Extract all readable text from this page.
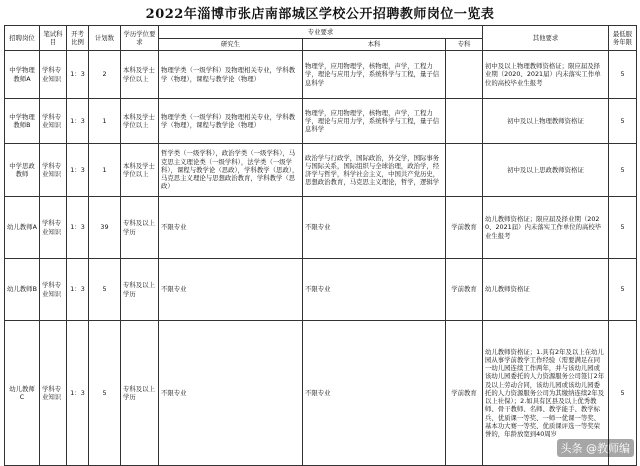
2022年淄博市张店南部城区学校公开招聘教师岗位一览表
招聘岗位	笔试科目	开考比例	计划数	学历学位要求	专业要求			其他要求	最低服务年限
					研究生	本科	专科		
中学物理教师A	学科专业知识	1：3	2	本科及学士学位以上	物理学类（一级学科）及物理相关专业，学科教学（物理），课程与教学论（物理）	物理学，应用物理学，核物理，声学，工程力学，理论与应用力学，系统科学与工程，量子信息科学		初中及以上物理教师资格证；限应届及择业期（2020、2021届）内未落实工作单位的高校毕业生报考	5
中学物理教师B	学科专业知识	1：3	1	本科及学士学位以上	物理学类（一级学科）及物理相关专业，学科教学（物理），课程与教学论（物理）	物理学，应用物理学，核物理，声学，工程力学，理论与应用力学，系统科学与工程，量子信息科学		初中及以上物理教师资格证	5
中学思政教师	学科专业知识	1：3	1	本科及学士学位以上	哲学类（一级学科），政治学类（一级学科），马克思主义理论类（一级学科），法学类（一级学科），课程与教学论（思政），学科教学（思政），马克思主义理论与思想政治教育，学科教学（思政）	政治学与行政学，国际政治，外交学，国际事务与国际关系，国际组织与全球治理，政治学，经济学与哲学，科学社会主义，中国共产党历史，思想政治教育，马克思主义理论，哲学，逻辑学		初中及以上思政教师资格证	5
幼儿教师A	学科专业知识	1：3	39	专科及以上学历	不限专业	不限专业	学前教育	幼儿教师资格证；限应届及择业期（2020、2021届）内未落实工作单位的高校毕业生报考	5
幼儿教师B	学科专业知识	1：3	5	专科及以上学历	不限专业	不限专业	学前教育	幼儿教师资格证	5
幼儿教师C	学科专业知识	1：3	5	专科及以上学历	不限专业	不限专业	学前教育	幼儿教师资格证；1.具有2年及以上在幼儿园从事学前教学工作经验（需要满足在同一幼儿园连续工作两年，并与该幼儿园或该幼儿园委托的人力资源服务公司签订2年及以上劳动合同，该幼儿园或该幼儿园委托的人力资源服务公司为其缴纳连续2年及以上社保）；2.如具有区县及以上优秀教师、骨干教师、名师、教学能手、教学标兵、优质课一等奖、一师一优课一等奖、基本功大赛一等奖、优质课评选一等奖荣誉的，年龄放宽到40周岁	5
头条 @教师编
